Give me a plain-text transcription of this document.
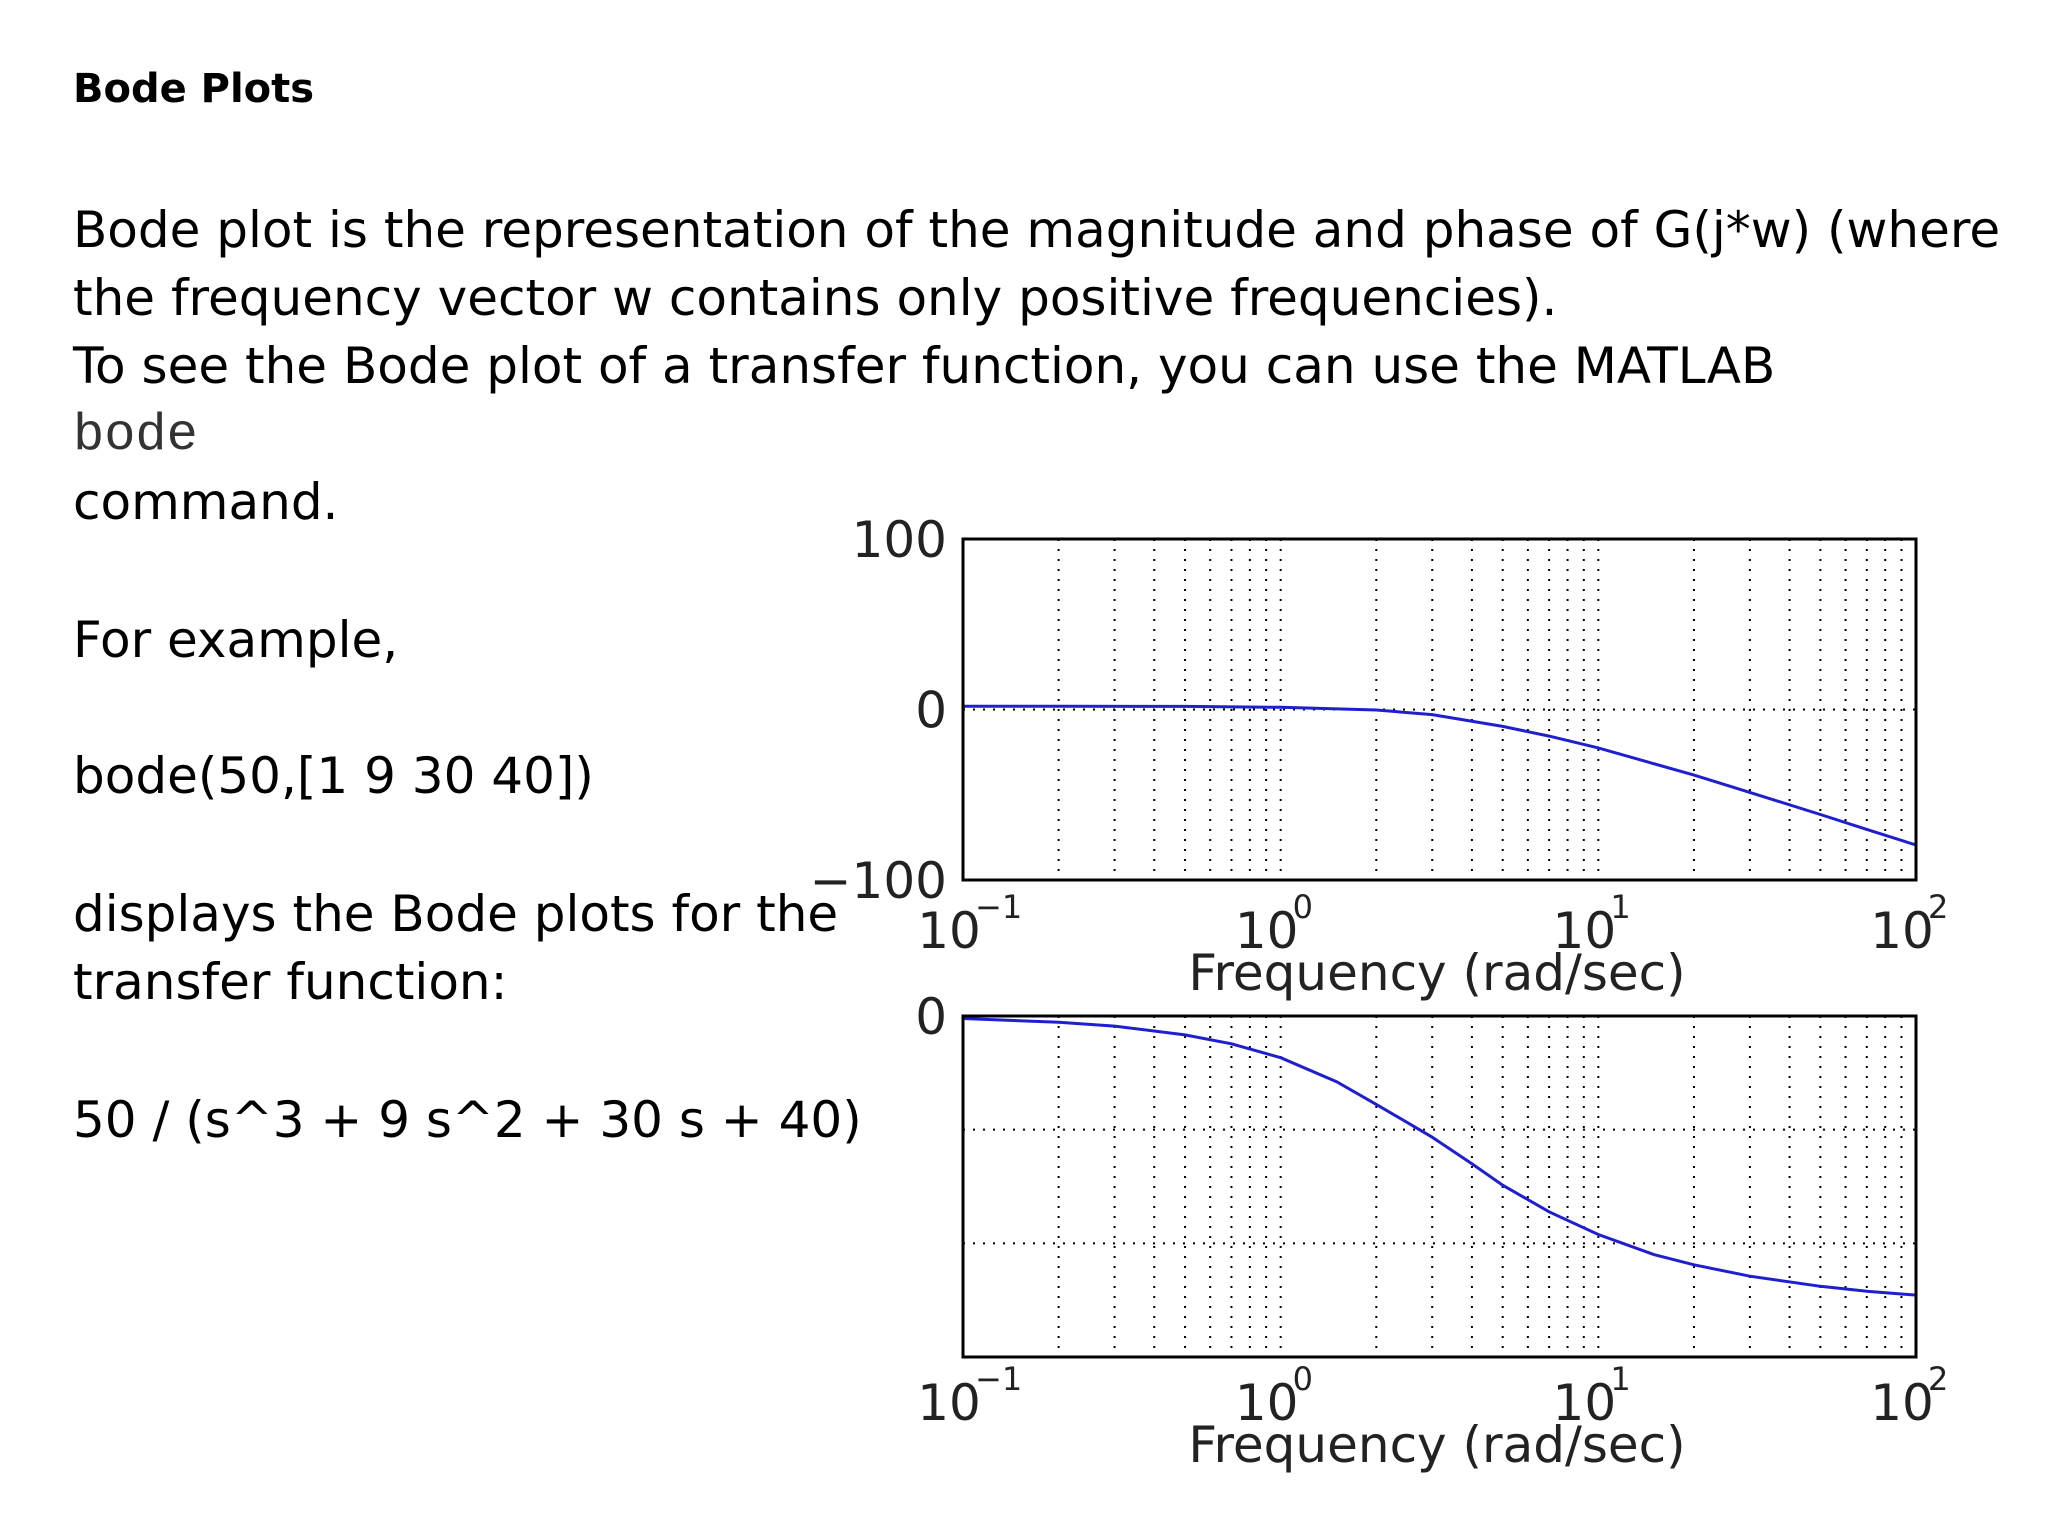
Bode Plots
Bode plot is the representation of the magnitude and phase of G(j*w) (where
the frequency vector w contains only positive frequencies).
To see the Bode plot of a transfer function, you can use the MATLAB
bode
command.
For example,
bode(50,[1 9 30 40])
displays the Bode plots for the
transfer function:
50 / (s^3 + 9 s^2 + 30 s + 40)
100
0
−100
10
−1	10
0	10
1	10
2
Frequency (rad/sec)
0
10
−1	10
0	10
1	10
2
Frequency (rad/sec)
